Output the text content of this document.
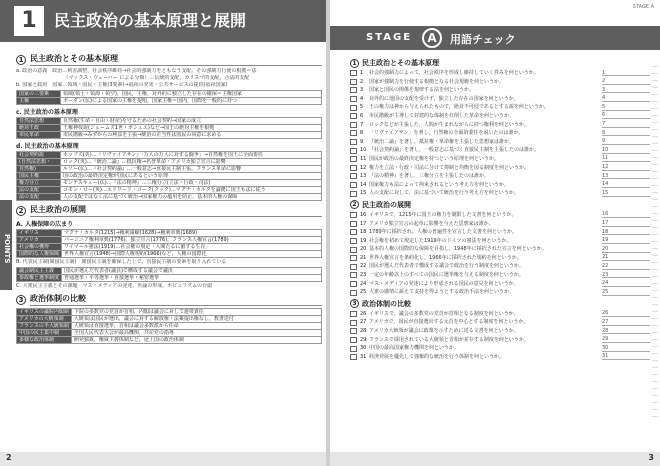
1	民主政治の基本原理と展開
POINTS
1 民主政治とその基本原理
a. 政治の意義　政治…利害調整，社会秩序維持→社会的強制力をともなう支配。その強制力行使の根拠＝法
　　　　　　　　　　（マックス・ウェーバー による分類）…伝統的支配，カリスマ的支配，合法的支配
b. 国家と政府　国家…領域・国民・主権(3要素)→福祉の充実・公共サービスの提供(福祉国家)
国家の三要素	領域(領土・領海・領空)，国民，主権。対外的に独立した存在の確保＝主権国家
主権	ボーダン(仏)による国家の主権を提唱，国家主権＝国内，国際を一般的に持つ
c. 民主政治の基本原理
自然法思想	自然権(生命・自由・財産)を守るための社会契約→国家の成立
絶対王政	王権神授説(ジェームズ1世・ボシュエ)など→国王の絶対主権を根拠
市民革命	市民階級→みずからの利益を主張→統治の正当性は国民の同意に求める
d. 民主政治の基本原理
社会契約説	ホッブズ(英)…『リヴァイアサン』「万人の万人に対する闘争」→自然権を国王に全面委任
(自然法思想・	ロック(英)…『統治二論』…抵抗権→名誉革命・アメリカ独立宣言に影響
自然権)	ルソー(仏)…『社会契約論』…一般意志→直接民主制主張，フランス革命に影響
国民主権	国の政治の最終決定権が国民にあるという原理
権力分立	モンテスキュー(仏)…『法の精神』…三権分立(立法・行政・司法)
法の支配	コモン・ロー(英)…エドワード・コーク(クック)…マグナ・カルタを論拠に国王も法に従う
法の支配	人の支配ではなく法に基づく統治→国家権力の濫用を防止，基本的人権の保障
2 民主政治の展開
A. 人権保障の広まり
イギリス	マグナ・カルタ(1215)→権利請願(1628)→権利章典(1689)
アメリカ	バージニア権利章典(1776)，独立宣言(1776)，フランス人権宣言(1789)
社会権の獲得	ワイマール憲法(1919)…社会権の規定「人間たるに値する生存」
国際的な人権保障	世界人権宣言(1948)→国際人権規約(1966)など，人権の国際化
B. 代表民主制(間接民主制)　間接民主制を確保した上で，直接民主制の要素を取り入れている
議会制民主主義	国民が選んだ代表者(議員)で構成する議会で議決
参政権と選挙制度	普通選挙・平等選挙・直接選挙・秘密選挙
C. 大衆民主主義とその課題　マス・メディアの発達，世論の形成，ポピュリズムの台頭
3 政治体制の比較
イギリスの議院内閣制	下院の多数党の党首が首相，内閣は議会に対して連帯責任
アメリカの大統領制	大統領は国民が選出，議会に対する解散権・法案提出権なし，教書送付
フランスの半大統領制	大統領は直接選挙，首相は議会多数派から任命
中国の民主集中制	全国人民代表大会が最高機関，共産党の指導
多様な政治体制	開発独裁，権威主義体制など，途上国の政治体制
2
STAGE A
STAGE	A	用語チェック
1 民主政治とその基本原理
1	社会的強制力によって，社会秩序を形成し維持していく営みを何というか。	1
2	国家が強制力を行使する根拠となる社会規範を何というか。	2
3	国家と国民の関係を規律する法を何というか。	3
4	対外的に他国の支配を受けず，独立した存在の国家を何というか。	4
5	王の権力は神から与えられたもので，絶対不可侵であるとする説を何というか。	5
6	市民階級が主導して封建的な体制を打倒した革命を何というか。	6
7	ロックなどが主張した，人間が生まれながらに持つ権利を何というか。	7
8	「リヴァイアサン」を著し，自然権の全面的委任を説いたのは誰か。	8
9	『統治二論』を著し，抵抗権・革命権を主張した思想家は誰か。	9
10 『社会契約論』を著し，一般意志に基づく直接民主制を主張したのは誰か。	10
11 国民が政治の最終決定権を持つという原理を何というか。	11
12 権力を立法・行政・司法に分けて抑制と均衡を図る制度を何というか。	12
13 『法の精神』を著し，三権分立を主張したのは誰か。	13
14 国家権力も法によって拘束されるという考え方を何というか。	14
15 人の支配に対して，法に基づいて統治を行う考え方を何というか。	15
2 民主政治の展開
16 イギリスで，1215年に国王の権力を制限した文書を何というか。	16
17 アメリカ独立宣言の起草に影響を与えた思想家は誰か。	17
18 1789年に採択され，人権の普遍性を宣言した文書を何というか。	18
19 社会権を初めて規定した1919年のドイツの憲法を何というか。	19
20 基本的人権の国際的な保障を目指し，1948年に採択された宣言を何というか。	20
21 世界人権宣言を条約化し，1966年に採択された規約を何というか。	21
22 国民が選んだ代表者で構成する議会で政治を行う制度を何というか。	22
23 一定の年齢以上のすべての国民に選挙権を与える制度を何というか。	23
24 マス・メディアの発達により形成される国民の意見を何というか。	24
25 大衆の感情に訴えて支持を得ようとする政治手法を何というか。	25
3 政治体制の比較
26 イギリスで，議会の多数党の党首が首相となる制度を何というか。	26
27 アメリカで，国民が直接選出する元首を中心とする制度を何というか。	27
28 アメリカ大統領が議会に政策を示すために送る文書を何というか。	28
29 フランスで採用されている大統領と首相が並存する制度を何というか。	29
30 中国の最高国家権力機関を何というか。	30
31 経済発展を優先して強権的な統治を行う体制を何というか。	31
3
